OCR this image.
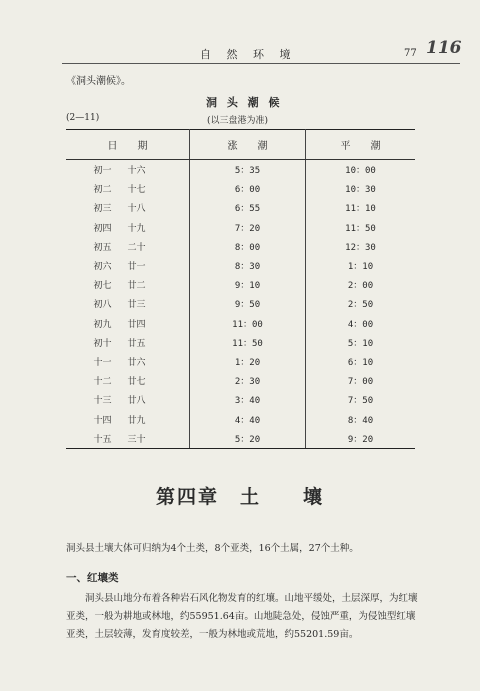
自 然 环 境	77 116
《洞头潮候》。
洞 头 潮 候
(2—11)	(以三盘港为准)
日　　期	涨　　潮	平　　潮
初一 十六	5：35	10：00
初二 十七	6：00	10：30
初三 十八	6：55	11：10
初四 十九	7：20	11：50
初五 二十	8：00	12：30
初六 廿一	8：30	1：10
初七 廿二	9：10	2：00
初八 廿三	9：50	2：50
初九 廿四	11：00	4：00
初十 廿五	11：50	5：10
十一 廿六	1：20	6：10
十二 廿七	2：30	7：00
十三 廿八	3：40	7：50
十四 廿九	4：40	8：40
十五 三十	5：20	9：20
第四章　土　　壤
洞头县土壤大体可归纳为4个土类，8个亚类，16个土属，27个土种。
一、红壤类
洞头县山地分布着各种岩石风化物发育的红壤。山地平缓处，土层深厚，为红壤亚类，一般为耕地或林地，约55951.64亩。山地陡急处，侵蚀严重，为侵蚀型红壤亚类，土层较薄，发育度较差，一般为林地或荒地，约55201.59亩。
